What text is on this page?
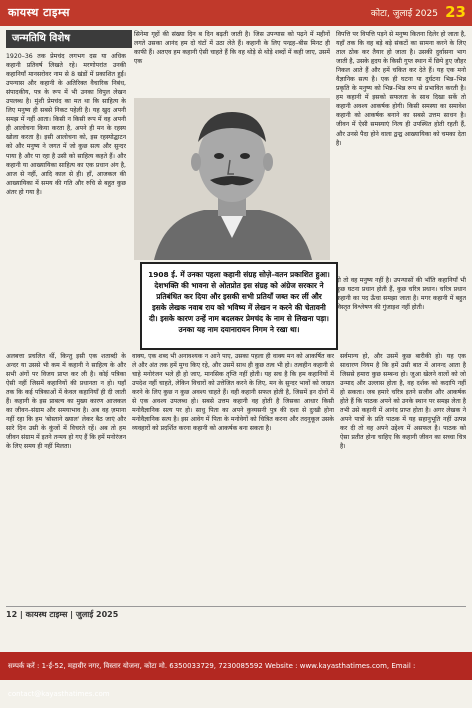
कायस्थ टाइम्स	कोटा, जुलाई 2025 23
जन्मतिथि विशेष

1920–36 तक प्रेमचंद लगभग दस या अधिक कहानी प्रतिवर्ष लिखते रहे। मरणोपरांत उनकी कहानियाँ मानसरोवर नाम से 8 खंडों में प्रकाशित हुईं। उपन्यास और कहानी के अतिरिक्त वैचारिक निबंध, संपादकीय, पत्र के रूप में भी उनका विपुल लेखन उपलब्ध है। मुंशी प्रेमचंद का मत था कि साहित्य के लिए मनुष्य ही सबसे निकट पहेली है। यह खुद अपनी समझ में नहीं आता। किसी न किसी रूप में वह अपनी ही आलोचना किया करता है, अपने ही मन के रहस्य खोला करता है। इसी आलोचना को, इस रहस्योद्घाटन को और मनुष्य ने जगत में जो कुछ सत्य और सुन्दर पाया है और पा रहा है उसी को साहित्य कहते हैं। और कहानी या आख्यायिका साहित्य का एक प्रधान अंग है, आज से नहीं, आदि काल से ही। हाँ, आजकल की आख्यायिका में समय की गति और रुचि से बहुत कुछ अंतर हो गया है।

सिनेमा गृहों की संख्या दिन ब दिन बढ़ती जाती है। जिस उपन्यास को पढ़ने में महीनों लगते उसका आनंद हम दो घंटों में उठा लेते हैं। कहानी के लिए पन्द्रह–बीस मिनट ही काफी हैं। अतएव हम कहानी ऐसी चाहते हैं कि वह थोड़े से थोड़े शब्दों में कही जाए, उसमें एक

विपत्ति पर विपत्ति पड़ने से मनुष्य कितना दिलेर हो जाता है, यहाँ तक कि वह बड़े बड़े संकटों का सामना करने के लिए ताल ठोक कर तैयार हो जाता है। उसकी दुर्वासना भाग जाती है, उसके हृदय के किसी गुप्त स्थान में छिपे हुए जौहर निकल आते हैं और हमें चकित कर देते हैं। यह एक मनो वैज्ञानिक सत्य है। एक ही घटना या दुर्घटना भिन्न–भिन्न प्रकृति के मनुष्य को भिन्न–भिन्न रूप से प्रभावित करती है। हम कहानी में इसको सफलता के साथ दिखा सकें तो कहानी अवश्य आकर्षक होगी। किसी समस्या का समावेश कहानी को आकर्षक बनाने का सबसे उत्तम साधन है। जीवन में ऐसी समस्याएं नित्य ही उपस्थित होती रहती हैं, और उनसे पैदा होने वाला द्वन्द्व आख्यायिका को चमका देता है।

1908 ई. में उनका पहला कहानी संग्रह सोज़े–वतन प्रकाशित हुआ। देशभक्ति की भावना से ओतप्रोत इस संग्रह को अंग्रेज सरकार ने प्रतिबंधित कर दिया और इसकी सभी प्रतियाँ जब्त कर लीं और इसके लेखक नवाब राय को भविष्य में लेखन न करने की चेतावनी दी। इसके कारण उन्हें नाम बदलकर प्रेमचंद के नाम से लिखना पड़ा। उनका यह नाम दयानारायन निगम ने रखा था।

हो तो वह मनुष्य नहीं है। उपन्यासों की भाँति कहानियाँ भी कुछ घटना प्रधान होती हैं, कुछ चरित्र प्रधान। चरित्र प्रधान कहानी का पद ऊँचा समझा जाता है। मगर कहानी में बहुत विस्तृत विश्लेषण की गुंजाइश नहीं होती।

अलबत्ता प्रचलित थीं, किन्तु इसी एक शताब्दी के अन्दर या उससे भी कम में कहानी ने साहित्य के और सभी अंगों पर विजय प्राप्त कर ली है। कोई पत्रिका ऐसी नहीं जिसमें कहानियों की प्रधानता न हो। यहाँ तक कि कई पत्रिकाओं में केवल कहानियाँ ही दी जाती हैं। कहानी के इस प्राबल्य का मुख्य कारण आजकल का जीवन–संग्राम और समयाभाव है। अब वह ज़माना नहीं रहा कि हम 'बोस्ताने ख्याल' लेकर बैठ जाएं और सारे दिन उसी के कुंजों में विचरते रहें। अब तो हम जीवन संग्राम में इतने तन्मय हो गए हैं कि हमें मनोरंजन के लिए समय ही नहीं मिलता।

वाक्य, एक शब्द भी अनावश्यक न आने पाए, उसका पहला ही वाक्य मन को आकर्षित कर ले और अंत तक हमें मुग्ध किए रहे, और उसमें साथ ही कुछ तत्व भी हो। तत्वहीन कहानी से चाहे मनोरंजन भले ही हो जाए, मानसिक तृप्ति नहीं होती। यह सच है कि हम कहानियों में उपदेश नहीं चाहते, लेकिन विचारों को उत्तेजित करने के लिए, मन के सुन्दर भावों को जाग्रत करने के लिए कुछ न कुछ अवश्य चाहते हैं। वही कहानी सफल होती है, जिसमें इन दोनों में से एक अवश्य उपलब्ध हो। सबसे उत्तम कहानी वह होती है जिसका आधार किसी मनोवैज्ञानिक सत्य पर हो। साधु पिता का अपने कुव्यसनी पुत्र की दशा से दुःखी होना मनोवैज्ञानिक सत्य है। इस आवेग में पिता के मनोवेगों को चित्रित करना और तदनुकूल उसके व्यवहारों को प्रदर्शित करना कहानी को आकर्षक बना सकता है।

सर्वमान्य हो, और उसमें कुछ बारीकी हो। यह एक साधारण नियम है कि हमें उसी बात में आनन्द आता है जिससे हमारा कुछ सम्बन्ध हो। जुआ खेलने वालों को जो उन्माद और उल्लास होता है, वह दर्शक को कदापि नहीं हो सकता। जब हमारे चरित्र इतने सजीव और आकर्षक होते हैं कि पाठक अपने को उनके स्थान पर समझ लेता है तभी उसे कहानी में आनंद प्राप्त होता है। अगर लेखक ने अपने पात्रों के प्रति पाठक में यह सहानुभूति नहीं उत्पन्न कर दी तो वह अपने उद्देश्य में असफल है। पाठक को ऐसा प्रतीत होना चाहिए कि कहानी जीवन का सच्चा चित्र है।

12 | कायस्थ टाइम्स | जुलाई 2025
सम्पर्क करें : 1-ई-52, महावीर नगर, विस्तार योजना, कोटा मो. 6350033729, 7230085592 Website : www.kayasthatimes.com, Email : contact@kayasthatimes.com
